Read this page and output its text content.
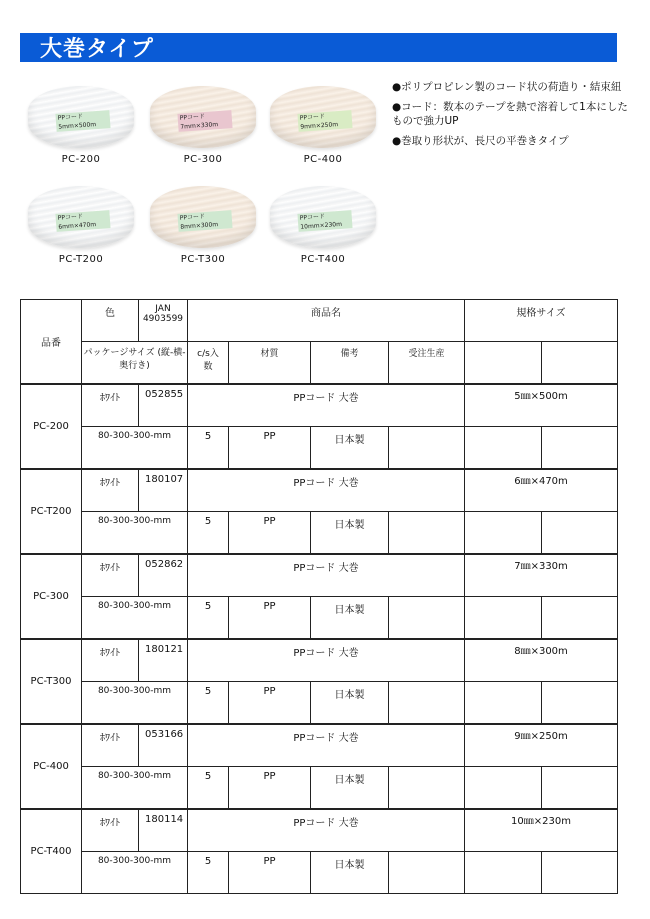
大巻タイプ
PPコード 5mm×500m
PC-200
PPコード 7mm×330m
PC-300
PPコード 9mm×250m
PC-400
PPコード 6mm×470m
PC-T200
PPコード 8mm×300m
PC-T300
PPコード 10mm×230m
PC-T400
●ポリプロピレン製のコード状の荷造り・結束紐
●コード：数本のテープを熱で溶着して1本にしたもので強力UP
●巻取り形状が、長尺の平巻きタイプ
品番	色	JAN 4903599	商品名				規格サイズ	
	パッケージサイズ (縦-横-奥行き)		c/s入数	材質	備考	受注生産		

PC-200	ﾎﾜｲﾄ	052855	PPコード 大巻				5㎜×500m	
	80-300-300-mm		5	PP	日本製			

PC-T200	ﾎﾜｲﾄ	180107	PPコード 大巻				6㎜×470m	
	80-300-300-mm		5	PP	日本製			

PC-300	ﾎﾜｲﾄ	052862	PPコード 大巻				7㎜×330m	
	80-300-300-mm		5	PP	日本製			

PC-T300	ﾎﾜｲﾄ	180121	PPコード 大巻				8㎜×300m	
	80-300-300-mm		5	PP	日本製			

PC-400	ﾎﾜｲﾄ	053166	PPコード 大巻				9㎜×250m	
	80-300-300-mm		5	PP	日本製			

PC-T400	ﾎﾜｲﾄ	180114	PPコード 大巻				10㎜×230m	
	80-300-300-mm		5	PP	日本製			
